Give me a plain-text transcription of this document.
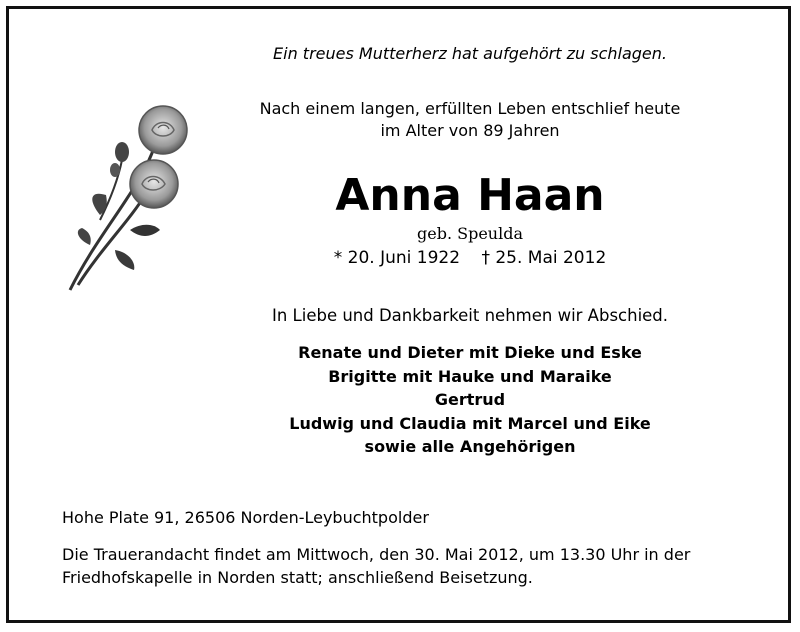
Ein treues Mutterherz hat aufgehört zu schlagen.
Nach einem langen, erfüllten Leben entschlief heute
im Alter von 89 Jahren
Anna Haan
geb. Speulda
* 20. Juni 1922 † 25. Mai 2012
In Liebe und Dankbarkeit nehmen wir Abschied.
Renate und Dieter mit Dieke und Eske
Brigitte mit Hauke und Maraike
Gertrud
Ludwig und Claudia mit Marcel und Eike
sowie alle Angehörigen
Hohe Plate 91, 26506 Norden-Leybuchtpolder
Die Trauerandacht findet am Mittwoch, den 30. Mai 2012, um 13.30 Uhr in der
Friedhofskapelle in Norden statt; anschließend Beisetzung.
